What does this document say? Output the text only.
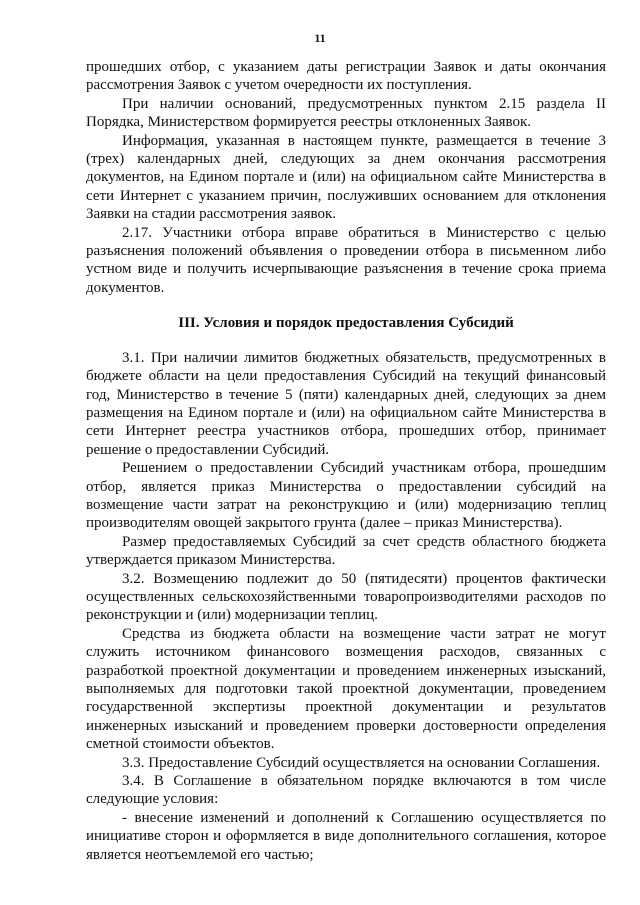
11

прошедших отбор, с указанием даты регистрации Заявок и даты окончания рассмотрения Заявок с учетом очередности их поступления.

При наличии оснований, предусмотренных пунктом 2.15 раздела II Порядка, Министерством формируется реестры отклоненных Заявок.

Информация, указанная в настоящем пункте, размещается в течение 3 (трех) календарных дней, следующих за днем окончания рассмотрения документов, на Едином портале и (или) на официальном сайте Министерства в сети Интернет с указанием причин, послуживших основанием для отклонения Заявки на стадии рассмотрения заявок.

2.17. Участники отбора вправе обратиться в Министерство с целью разъяснения положений объявления о проведении отбора в письменном либо устном виде и получить исчерпывающие разъяснения в течение срока приема документов.

III. Условия и порядок предоставления Субсидий

3.1. При наличии лимитов бюджетных обязательств, предусмотренных в бюджете области на цели предоставления Субсидий на текущий финансовый год, Министерство в течение 5 (пяти) календарных дней, следующих за днем размещения на Едином портале и (или) на официальном сайте Министерства в сети Интернет реестра участников отбора, прошедших отбор, принимает решение о предоставлении Субсидий.

Решением о предоставлении Субсидий участникам отбора, прошедшим отбор, является приказ Министерства о предоставлении субсидий на возмещение части затрат на реконструкцию и (или) модернизацию теплиц производителям овощей закрытого грунта (далее – приказ Министерства).

Размер предоставляемых Субсидий за счет средств областного бюджета утверждается приказом Министерства.

3.2. Возмещению подлежит до 50 (пятидесяти) процентов фактически осуществленных сельскохозяйственными товаропроизводителями расходов по реконструкции и (или) модернизации теплиц.

Средства из бюджета области на возмещение части затрат не могут служить источником финансового возмещения расходов, связанных с разработкой проектной документации и проведением инженерных изысканий, выполняемых для подготовки такой проектной документации, проведением государственной экспертизы проектной документации и результатов инженерных изысканий и проведением проверки достоверности определения сметной стоимости объектов.

3.3. Предоставление Субсидий осуществляется на основании Соглашения.

3.4. В Соглашение в обязательном порядке включаются в том числе следующие условия:

- внесение изменений и дополнений к Соглашению осуществляется по инициативе сторон и оформляется в виде дополнительного соглашения, которое является неотъемлемой его частью;
